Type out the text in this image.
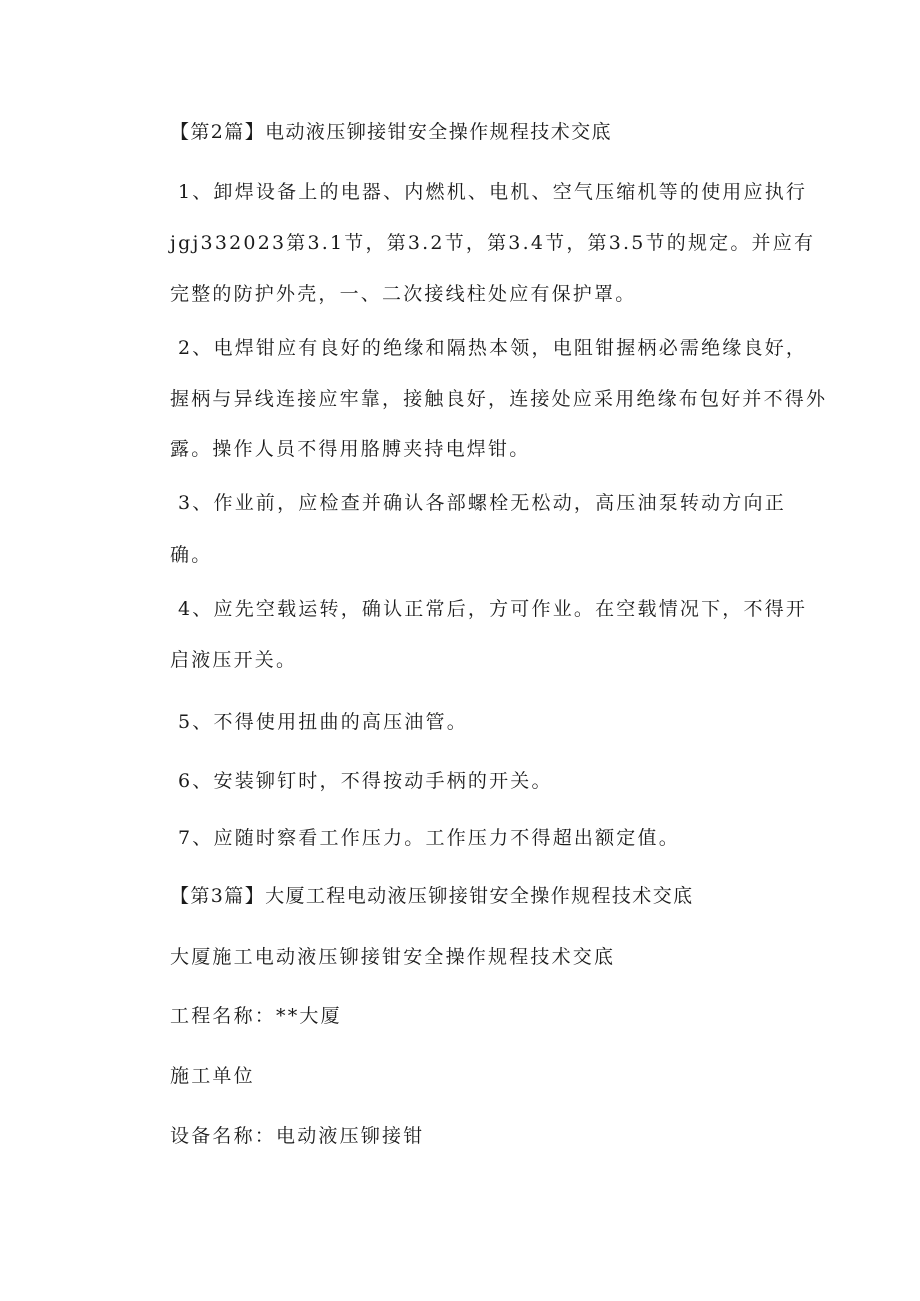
【第2篇】电动液压铆接钳安全操作规程技术交底
1、卸焊设备上的电器、内燃机、电机、空气压缩机等的使用应执行
jgj332023第3.1节，第3.2节，第3.4节，第3.5节的规定。并应有
完整的防护外壳，一、二次接线柱处应有保护罩。
2、电焊钳应有良好的绝缘和隔热本领，电阻钳握柄必需绝缘良好，
握柄与异线连接应牢靠，接触良好，连接处应采用绝缘布包好并不得外
露。操作人员不得用胳膊夹持电焊钳。
3、作业前，应检查并确认各部螺栓无松动，高压油泵转动方向正
确。
4、应先空载运转，确认正常后，方可作业。在空载情况下，不得开
启液压开关。
5、不得使用扭曲的高压油管。
6、安装铆钉时，不得按动手柄的开关。
7、应随时察看工作压力。工作压力不得超出额定值。
【第3篇】大厦工程电动液压铆接钳安全操作规程技术交底
大厦施工电动液压铆接钳安全操作规程技术交底
工程名称：**大厦
施工单位
设备名称：电动液压铆接钳
